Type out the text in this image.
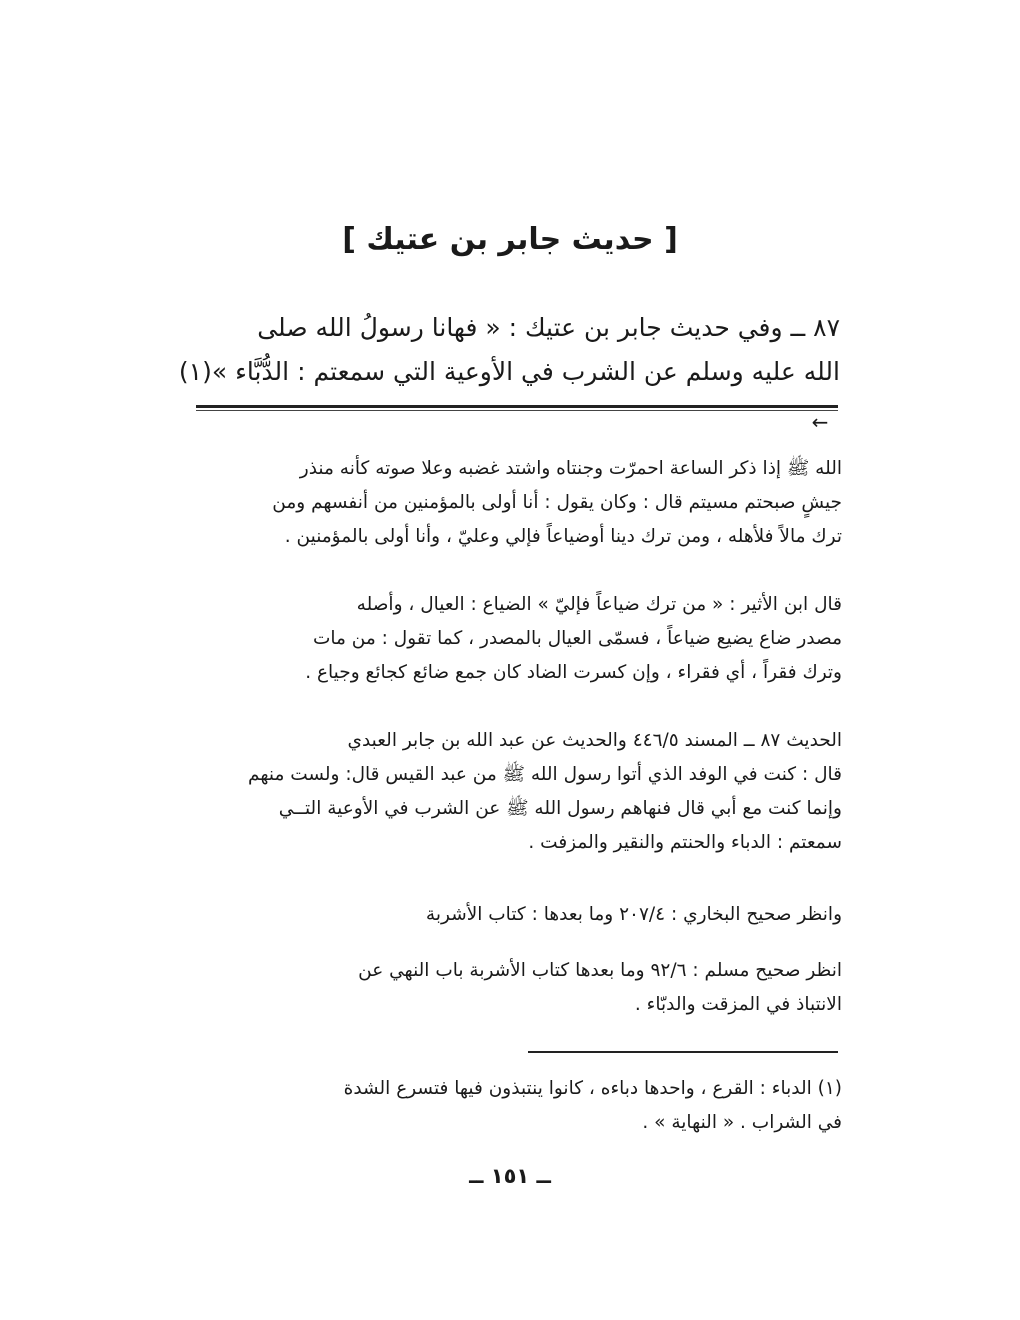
[ حديث جابر بن عتيك ]
٨٧ ــ وفي حديث جابر بن عتيك : « فهانا رسولُ الله صلى
الله عليه وسلم عن الشرب في الأوعية التي سمعتم : الدُّبَّاء »(١)
←
الله ﷺ إذا ذكر الساعة احمرّت وجنتاه واشتد غضبه وعلا صوته كأنه منذر
جيشٍ صبحتم مسيتم قال : وكان يقول : أنا أولى بالمؤمنين من أنفسهم ومن
ترك مالاً فلأهله ، ومن ترك دينا أوضياعاً فإلي وعليّ ، وأنا أولى بالمؤمنين .
قال ابن الأثير : « من ترك ضياعاً فإليّ » الضياع : العيال ، وأصله
مصدر ضاع يضيع ضياعاً ، فسمّى العيال بالمصدر ، كما تقول : من مات
وترك فقراً ، أي فقراء ، وإن كسرت الضاد كان جمع ضائع كجائع وجياع .
الحديث ٨٧ ــ المسند ٤٤٦/٥ والحديث عن عبد الله بن جابر العبدي
قال : كنت في الوفد الذي أتوا رسول الله ﷺ من عبد القيس قال: ولست منهم
وإنما كنت مع أبي قال فنهاهم رسول الله ﷺ عن الشرب في الأوعية التــي
سمعتم : الدباء والحنتم والنقير والمزفت .
وانظر صحيح البخاري : ٢٠٧/٤ وما بعدها : كتاب الأشربة
انظر صحيح مسلم : ٩٢/٦ وما بعدها كتاب الأشربة باب النهي عن
الانتباذ في المزقت والدبّاء .
(١) الدباء : القرع ، واحدها دباءه ، كانوا ينتبذون فيها فتسرع الشدة
في الشراب . « النهاية » .
ــ ١٥١ ــ
